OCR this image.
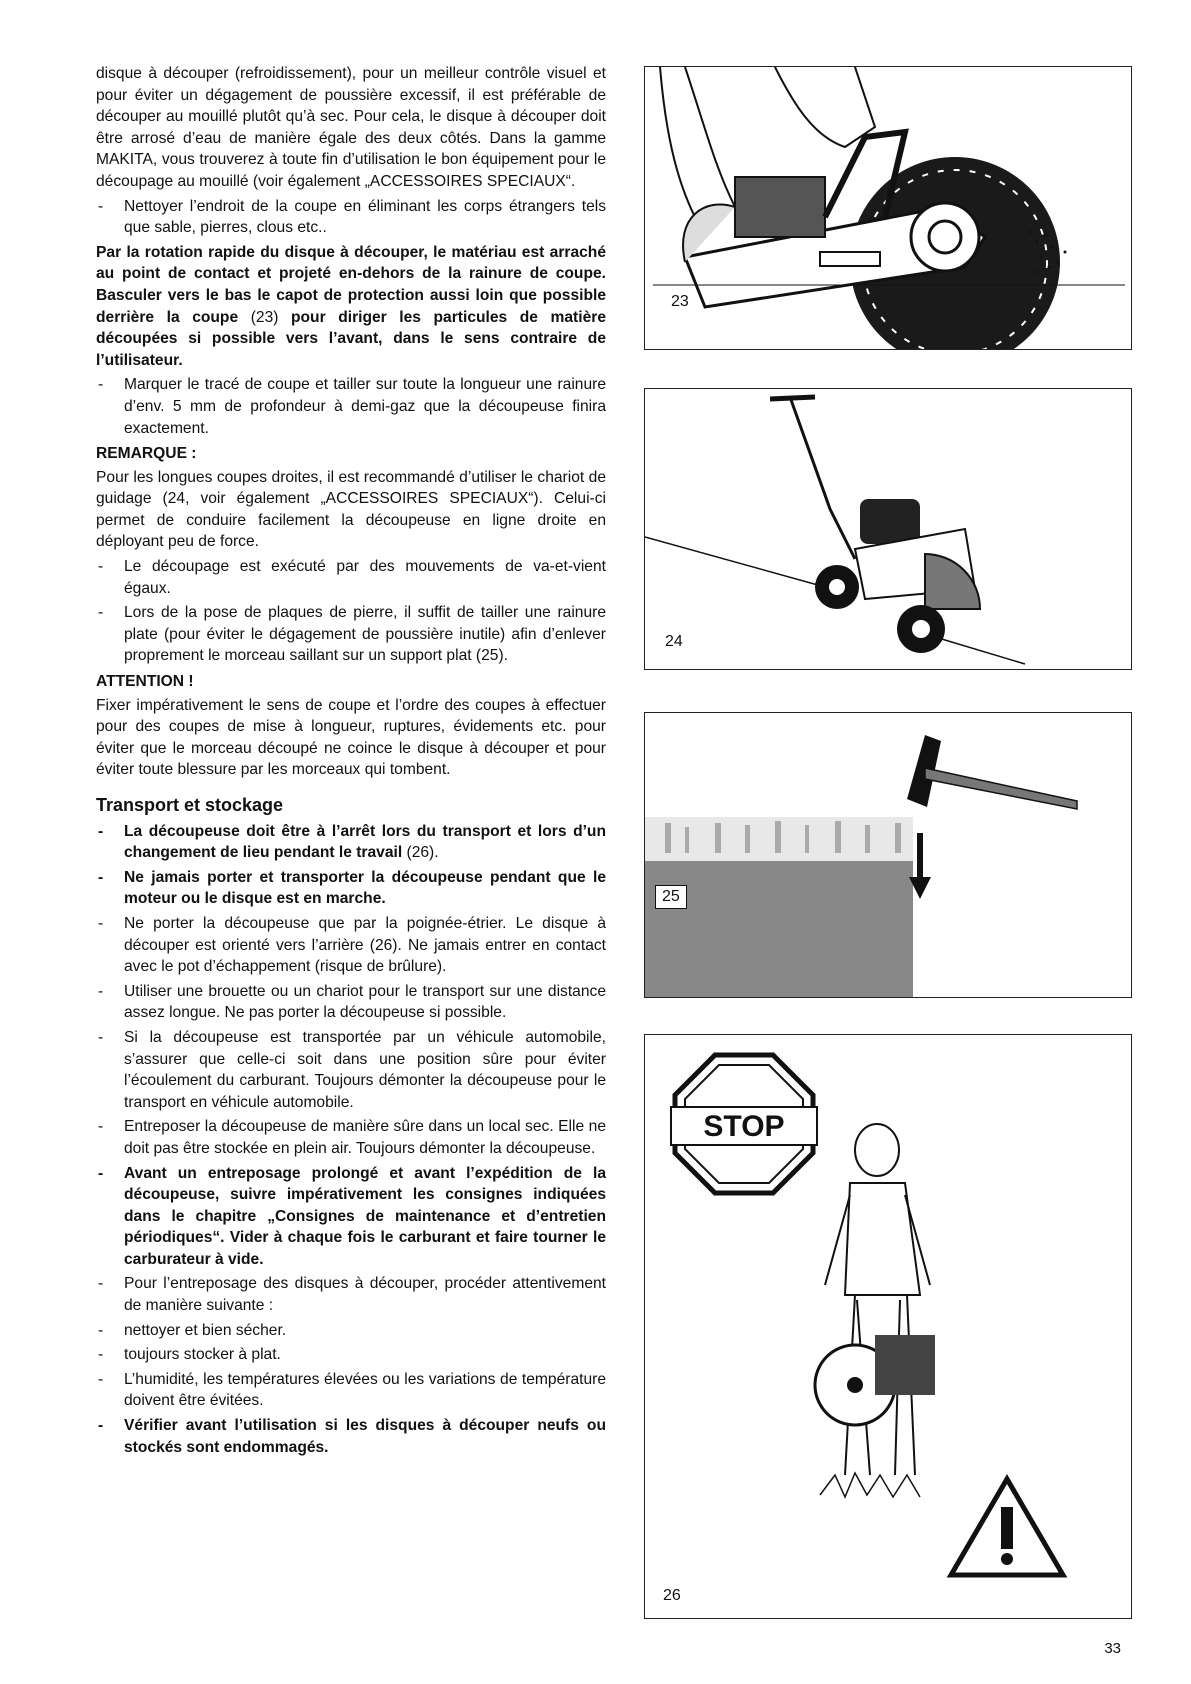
disque à découper (refroidissement), pour un meilleur contrôle visuel et pour éviter un dégagement de poussière excessif, il est préférable de découper au mouillé plutôt qu’à sec. Pour cela, le disque à découper doit être arrosé d’eau de manière égale des deux côtés. Dans la gamme MAKITA, vous trouverez à toute fin d’utilisation le bon équipement pour le découpage au mouillé (voir également „ACCESSOIRES SPECIAUX“.

- Nettoyer l’endroit de la coupe en éliminant les corps étrangers tels que sable, pierres, clous etc..

Par la rotation rapide du disque à découper, le matériau est arraché au point de contact et projeté en-dehors de la rainure de coupe. Basculer vers le bas le capot de protection aussi loin que possible derrière la coupe (23) pour diriger les particules de matière découpées si possible vers l’avant, dans le sens contraire de l’utilisateur.

- Marquer le tracé de coupe et tailler sur toute la longueur une rainure d’env. 5 mm de profondeur à demi-gaz que la découpeuse finira exactement.
REMARQUE :

Pour les longues coupes droites, il est recommandé d’utiliser le chariot de guidage (24, voir également „ACCESSOIRES SPECIAUX“). Celui-ci permet de conduire facilement la découpeuse en ligne droite en déployant peu de force.

- Le découpage est exécuté par des mouvements de va-et-vient égaux.
- Lors de la pose de plaques de pierre, il suffit de tailler une rainure plate (pour éviter le dégagement de poussière inutile) afin d’enlever proprement le morceau saillant sur un support plat (25).
ATTENTION !

Fixer impérativement le sens de coupe et l’ordre des coupes à effectuer pour des coupes de mise à longueur, ruptures, évidements etc. pour éviter que le morceau découpé ne coince le disque à découper et pour éviter toute blessure par les morceaux qui tombent.

Transport et stockage
- La découpeuse doit être à l’arrêt lors du transport et lors d’un changement de lieu pendant le travail (26).
- Ne jamais porter et transporter la découpeuse pendant que le moteur ou le disque est en marche.
- Ne porter la découpeuse que par la poignée-étrier. Le disque à découper est orienté vers l’arrière (26). Ne jamais entrer en contact avec le pot d’échappement (risque de brûlure).
- Utiliser une brouette ou un chariot pour le transport sur une distance assez longue. Ne pas porter la découpeuse si possible.
- Si la découpeuse est transportée par un véhicule automobile, s’assurer que celle-ci soit dans une position sûre pour éviter l’écoulement du carburant. Toujours démonter la découpeuse pour le transport en véhicule automobile.
- Entreposer la découpeuse de manière sûre dans un local sec. Elle ne doit pas être stockée en plein air. Toujours démonter la découpeuse.
- Avant un entreposage prolongé et avant l’expédition de la découpeuse, suivre impérativement les consignes indiquées dans le chapitre „Consignes de maintenance et d’entretien périodiques“. Vider à chaque fois le carburant et faire tourner le carburateur à vide.
- Pour l’entreposage des disques à découper, procéder attentivement de manière suivante :
- nettoyer et bien sécher.
- toujours stocker à plat.
- L’humidité, les températures élevées ou les variations de température doivent être évitées.
- Vérifier avant l’utilisation si les disques à découper neufs ou stockés sont endommagés.
23
24
25
STOP
26
33
